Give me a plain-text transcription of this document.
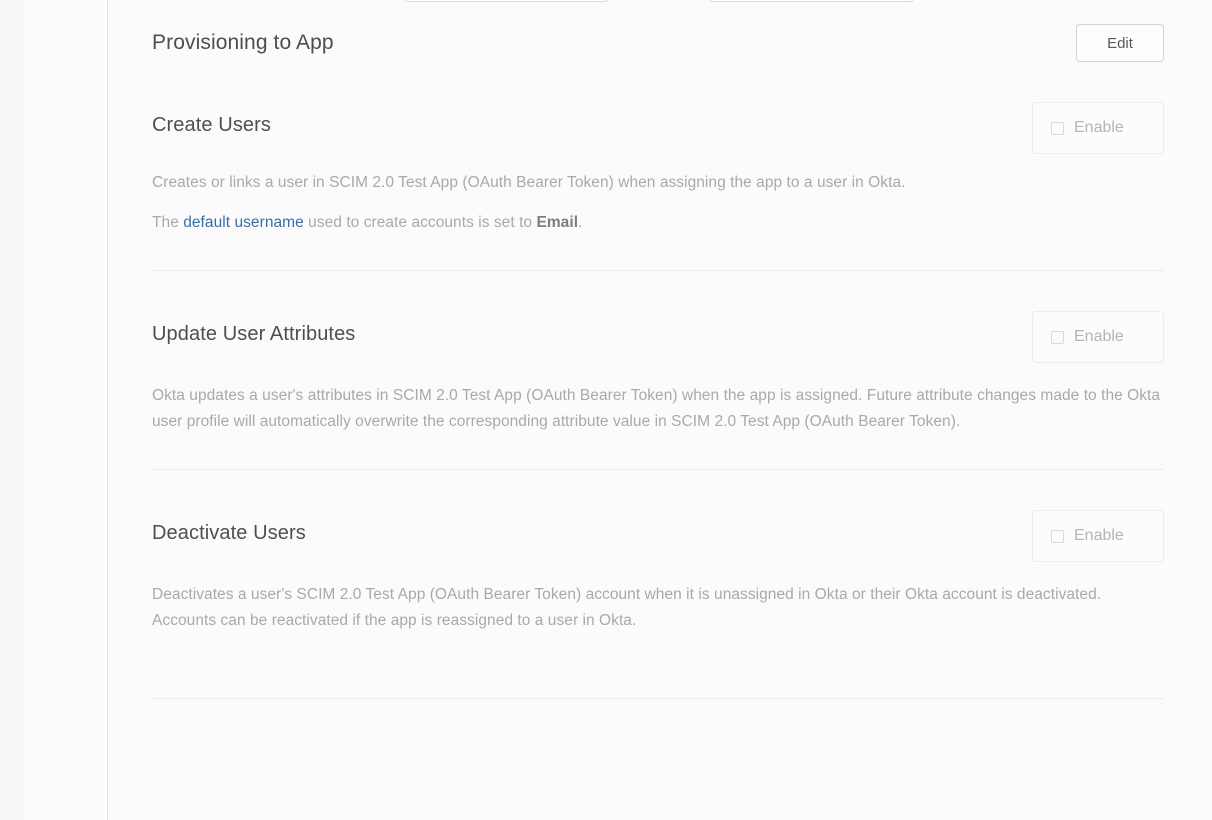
Provisioning to App	Edit
Create Users	Enable

Creates or links a user in SCIM 2.0 Test App (OAuth Bearer Token) when assigning the app to a user in Okta.

The default username used to create accounts is set to Email.

Update User Attributes	Enable

Okta updates a user's attributes in SCIM 2.0 Test App (OAuth Bearer Token) when the app is assigned. Future attribute changes made to the Okta user profile will automatically overwrite the corresponding attribute value in SCIM 2.0 Test App (OAuth Bearer Token).

Deactivate Users	Enable

Deactivates a user's SCIM 2.0 Test App (OAuth Bearer Token) account when it is unassigned in Okta or their Okta account is deactivated. Accounts can be reactivated if the app is reassigned to a user in Okta.
